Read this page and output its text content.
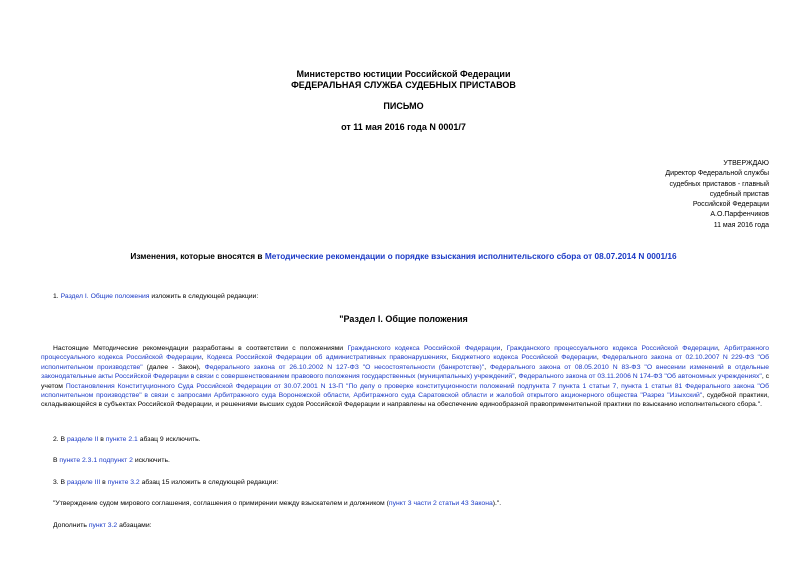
Министерство юстиции Российской Федерации
ФЕДЕРАЛЬНАЯ СЛУЖБА СУДЕБНЫХ ПРИСТАВОВ
ПИСЬМО
от 11 мая 2016 года N 0001/7
УТВЕРЖДАЮ
Директор Федеральной службы
судебных приставов - главный
судебный пристав
Российской Федерации
А.О.Парфенчиков
11 мая 2016 года
Изменения, которые вносятся в Методические рекомендации о порядке взыскания исполнительского сбора от 08.07.2014 N 0001/16
1. Раздел I. Общие положения изложить в следующей редакции:
"Раздел I. Общие положения
Настоящие Методические рекомендации разработаны в соответствии с положениями Гражданского кодекса Российской Федерации, Гражданского процессуального кодекса Российской Федерации, Арбитражного процессуального кодекса Российской Федерации, Кодекса Российской Федерации об административных правонарушениях, Бюджетного кодекса Российской Федерации, Федерального закона от 02.10.2007 N 229-ФЗ "Об исполнительном производстве" (далее - Закон), Федерального закона от 26.10.2002 N 127-ФЗ "О несостоятельности (банкротстве)", Федерального закона от 08.05.2010 N 83-ФЗ "О внесении изменений в отдельные законодательные акты Российской Федерации в связи с совершенствованием правового положения государственных (муниципальных) учреждений", Федерального закона от 03.11.2006 N 174-ФЗ "Об автономных учреждениях", с учетом Постановления Конституционного Суда Российской Федерации от 30.07.2001 N 13-П "По делу о проверке конституционности положений подпункта 7 пункта 1 статьи 7, пункта 1 статьи 81 Федерального закона "Об исполнительном производстве" в связи с запросами Арбитражного суда Воронежской области, Арбитражного суда Саратовской области и жалобой открытого акционерного общества "Разрез "Изыхский", судебной практики, складывающейся в субъектах Российской Федерации, и решениями высших судов Российской Федерации и направлены на обеспечение единообразной правоприменительной практики по взысканию исполнительского сбора.".
2. В разделе II в пункте 2.1 абзац 9 исключить.
В пункте 2.3.1 подпункт 2 исключить.
3. В разделе III в пункте 3.2 абзац 15 изложить в следующей редакции:
"Утверждение судом мирового соглашения, соглашения о примирении между взыскателем и должником (пункт 3 части 2 статьи 43 Закона).".
Дополнить пункт 3.2 абзацами:
